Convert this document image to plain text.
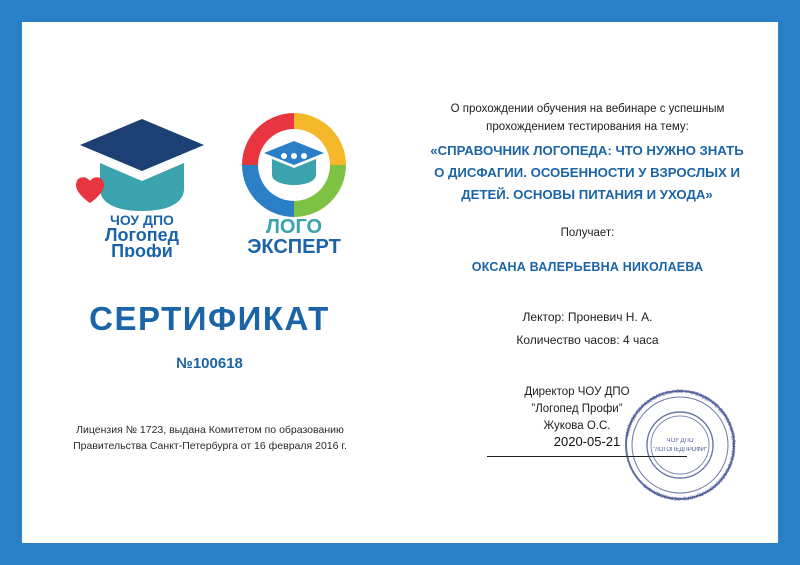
ЧОУ ДПО
Логопед
Профи
ЛОГО
ЭКСПЕРТ
СЕРТИФИКАТ
№100618
Лицензия № 1723, выдана Комитетом по образованию
Правительства Санкт-Петербурга от 16 февраля 2016 г.
О прохождении обучения на вебинаре с успешным
прохождением тестирования на тему:
«СПРАВОЧНИК ЛОГОПЕДА: ЧТО НУЖНО ЗНАТЬ
О ДИСФАГИИ. ОСОБЕННОСТИ У ВЗРОСЛЫХ И
ДЕТЕЙ. ОСНОВЫ ПИТАНИЯ И УХОДА»
Получает:
ОКСАНА ВАЛЕРЬЕВНА НИКОЛАЕВА
Лектор: Проневич Н. А.
Количество часов: 4 часа
Директор ЧОУ ДПО
”Логопед Профи”
Жукова О.С.
2020-05-21 ЧАСТНОЕ ОБРАЗОВАТЕЛЬНОЕ УЧРЕЖДЕНИЕ ДОПОЛНИТЕЛЬНОГО ПРОФЕССИОНАЛЬНОГО ОБРАЗОВАНИЯ
ЧОУ ДПО
"ЛОГОПЕДПРОФИ"
